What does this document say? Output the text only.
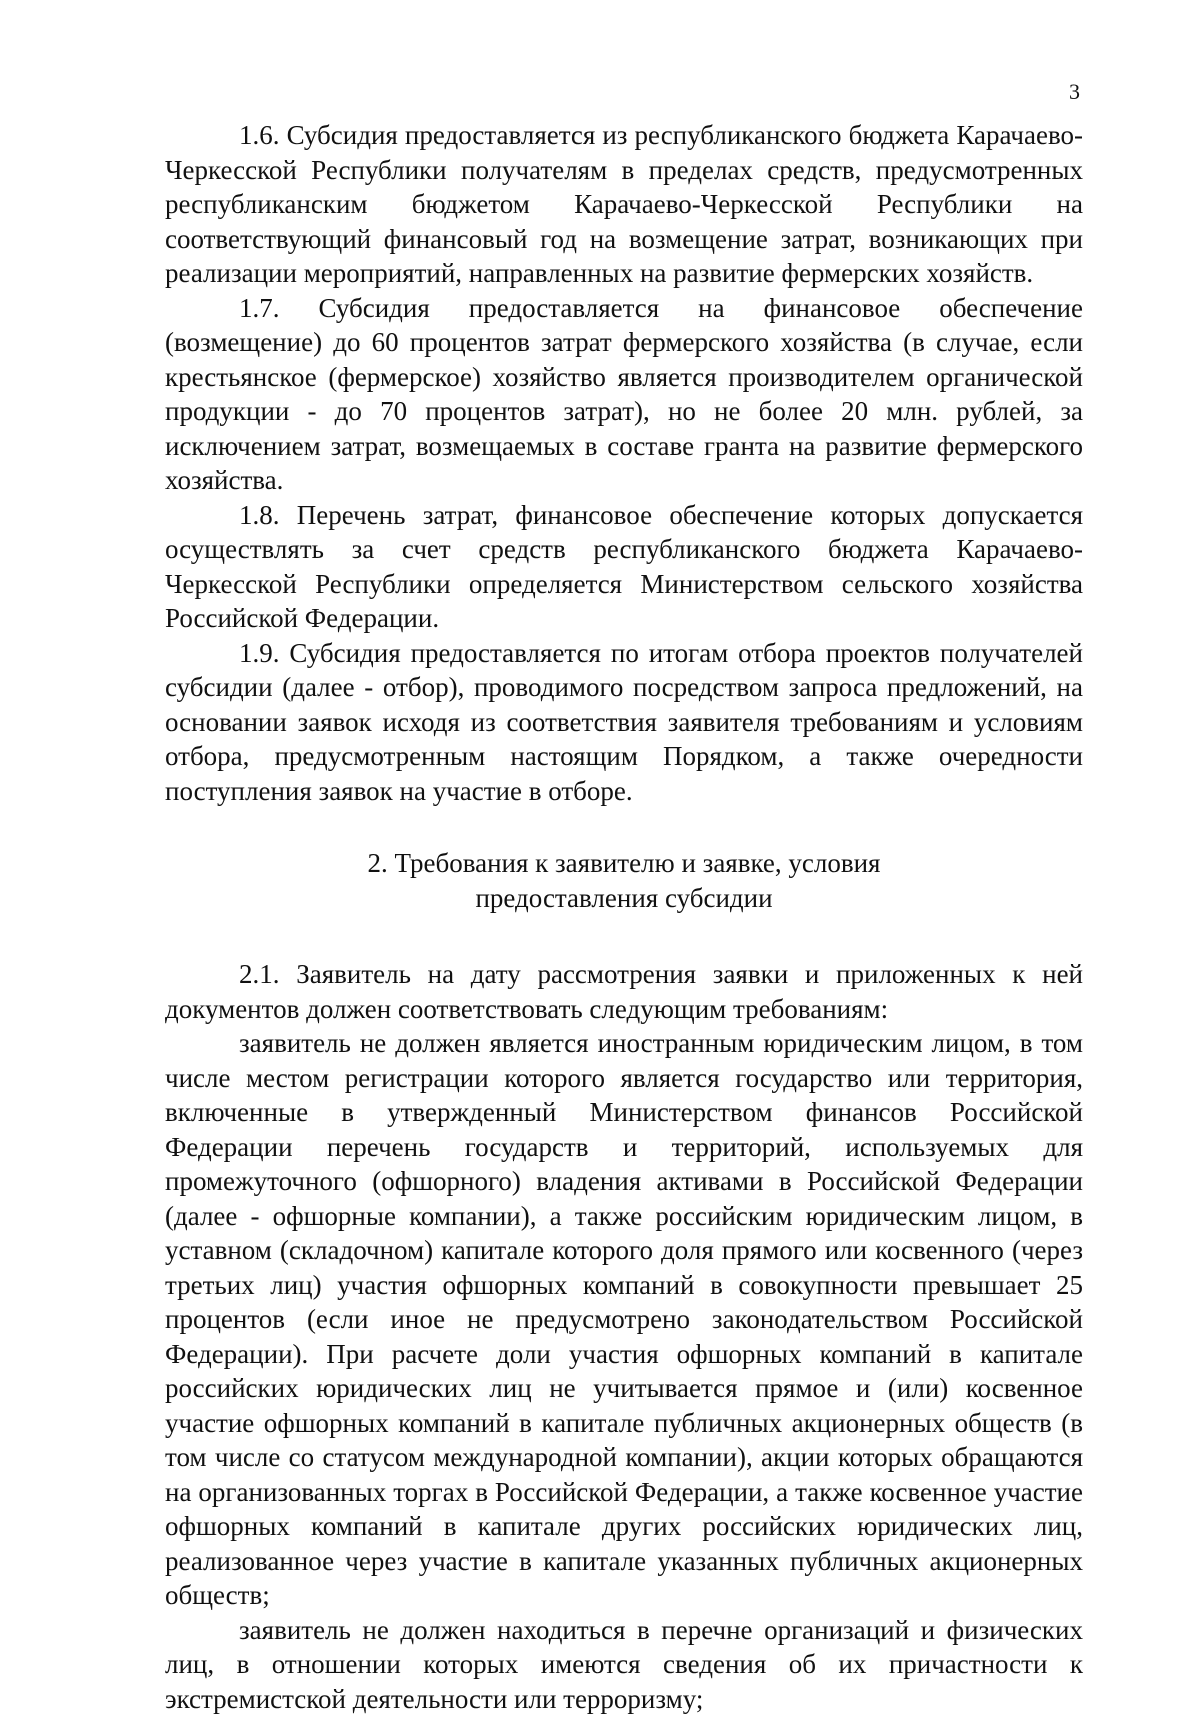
3

1.6. Субсидия предоставляется из республиканского бюджета Карачаево-Черкесской Республики получателям в пределах средств, предусмотренных республиканским бюджетом Карачаево-Черкесской Республики на соответствующий финансовый год на возмещение затрат, возникающих при реализации мероприятий, направленных на развитие фермерских хозяйств.

1.7. Субсидия предоставляется на финансовое обеспечение (возмещение) до 60 процентов затрат фермерского хозяйства (в случае, если крестьянское (фермерское) хозяйство является производителем органической продукции - до 70 процентов затрат), но не более 20 млн. рублей, за исключением затрат, возмещаемых в составе гранта на развитие фермерского хозяйства.

1.8. Перечень затрат, финансовое обеспечение которых допускается осуществлять за счет средств республиканского бюджета Карачаево-Черкесской Республики определяется Министерством сельского хозяйства Российской Федерации.

1.9. Субсидия предоставляется по итогам отбора проектов получателей субсидии (далее - отбор), проводимого посредством запроса предложений, на основании заявок исходя из соответствия заявителя требованиям и условиям отбора, предусмотренным настоящим Порядком, а также очередности поступления заявок на участие в отборе.

2. Требования к заявителю и заявке, условия
предоставления субсидии

2.1. Заявитель на дату рассмотрения заявки и приложенных к ней документов должен соответствовать следующим требованиям:

заявитель не должен является иностранным юридическим лицом, в том числе местом регистрации которого является государство или территория, включенные в утвержденный Министерством финансов Российской Федерации перечень государств и территорий, используемых для промежуточного (офшорного) владения активами в Российской Федерации (далее - офшорные компании), а также российским юридическим лицом, в уставном (складочном) капитале которого доля прямого или косвенного (через третьих лиц) участия офшорных компаний в совокупности превышает 25 процентов (если иное не предусмотрено законодательством Российской Федерации). При расчете доли участия офшорных компаний в капитале российских юридических лиц не учитывается прямое и (или) косвенное участие офшорных компаний в капитале публичных акционерных обществ (в том числе со статусом международной компании), акции которых обращаются на организованных торгах в Российской Федерации, а также косвенное участие офшорных компаний в капитале других российских юридических лиц, реализованное через участие в капитале указанных публичных акционерных обществ;

заявитель не должен находиться в перечне организаций и физических лиц, в отношении которых имеются сведения об их причастности к экстремистской деятельности или терроризму;
